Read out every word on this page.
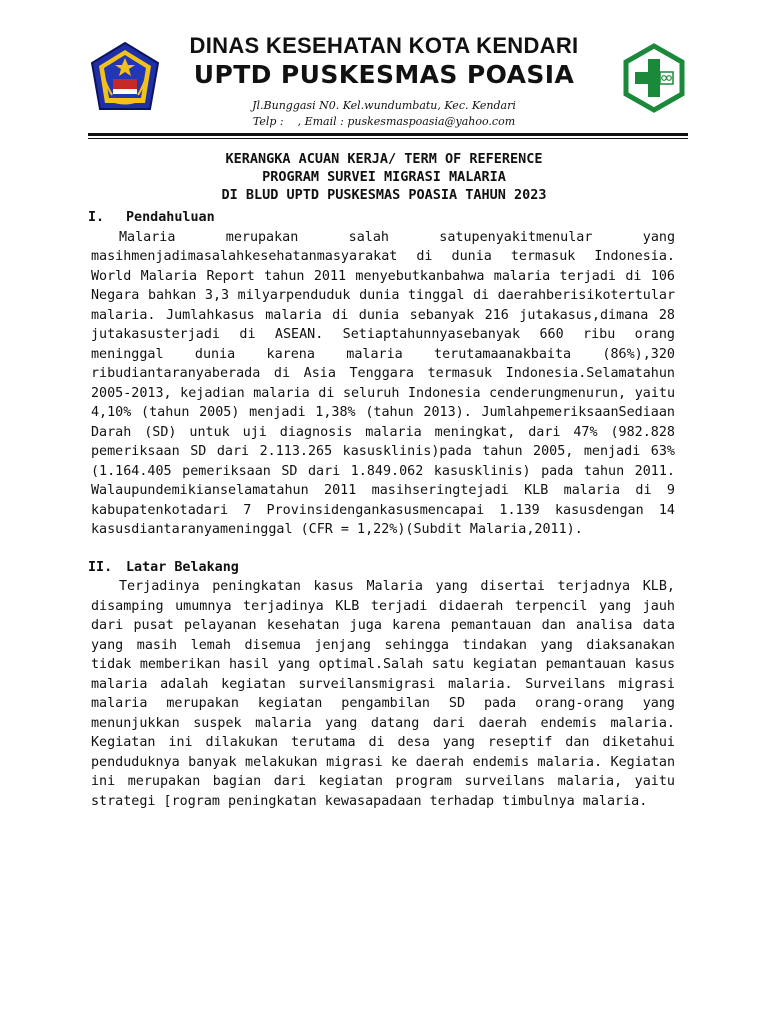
DINAS KESEHATAN KOTA KENDARI
UPTD PUSKESMAS POASIA
Jl.Bunggasi N0. Kel.wundumbatu, Kec. Kendari
Telp :    , Email : puskesmaspoasia@yahoo.com
KERANGKA ACUAN KERJA/ TERM OF REFERENCE
PROGRAM SURVEI MIGRASI MALARIA
DI BLUD UPTD PUSKESMAS POASIA TAHUN 2023
I. Pendahuluan

Malaria merupakan salah satupenyakitmenular yang masihmenjadimasalahkesehatanmasyarakat di dunia termasuk Indonesia. World Malaria Report tahun 2011 menyebutkanbahwa malaria terjadi di 106 Negara bahkan 3,3 milyarpenduduk dunia tinggal di daerahberisikotertular malaria. Jumlahkasus malaria di dunia sebanyak 216 jutakasus,dimana 28 jutakasusterjadi di ASEAN. Setiaptahunnyasebanyak 660 ribu orang meninggal dunia karena malaria terutamaanakbaita (86%),320 ribudiantaranyaberada di Asia Tenggara termasuk Indonesia.Selamatahun 2005-2013, kejadian malaria di seluruh Indonesia cenderungmenurun, yaitu 4,10% (tahun 2005) menjadi 1,38% (tahun 2013). JumlahpemeriksaanSediaan Darah (SD) untuk uji diagnosis malaria meningkat, dari 47% (982.828 pemeriksaan SD dari 2.113.265 kasusklinis)pada tahun 2005, menjadi 63% (1.164.405 pemeriksaan SD dari 1.849.062 kasusklinis) pada tahun 2011. Walaupundemikianselamatahun 2011 masihseringtejadi KLB malaria di 9 kabupatenkotadari 7 Provinsidengankasusmencapai 1.139 kasusdengan 14 kasusdiantaranyameninggal (CFR = 1,22%)(Subdit Malaria,2011).

II. Latar Belakang

Terjadinya peningkatan kasus Malaria yang disertai terjadnya KLB, disamping umumnya terjadinya KLB terjadi didaerah terpencil yang jauh dari pusat pelayanan kesehatan juga karena pemantauan dan analisa data yang masih lemah disemua jenjang sehingga tindakan yang diaksanakan tidak memberikan hasil yang optimal.Salah satu kegiatan pemantauan kasus malaria adalah kegiatan surveilansmigrasi malaria. Surveilans migrasi malaria merupakan kegiatan pengambilan SD pada orang-orang yang menunjukkan suspek malaria yang datang dari daerah endemis malaria. Kegiatan ini dilakukan terutama di desa yang reseptif dan diketahui penduduknya banyak melakukan migrasi ke daerah endemis malaria. Kegiatan ini merupakan bagian dari kegiatan program surveilans malaria, yaitu strategi [rogram peningkatan kewasapadaan terhadap timbulnya malaria.
